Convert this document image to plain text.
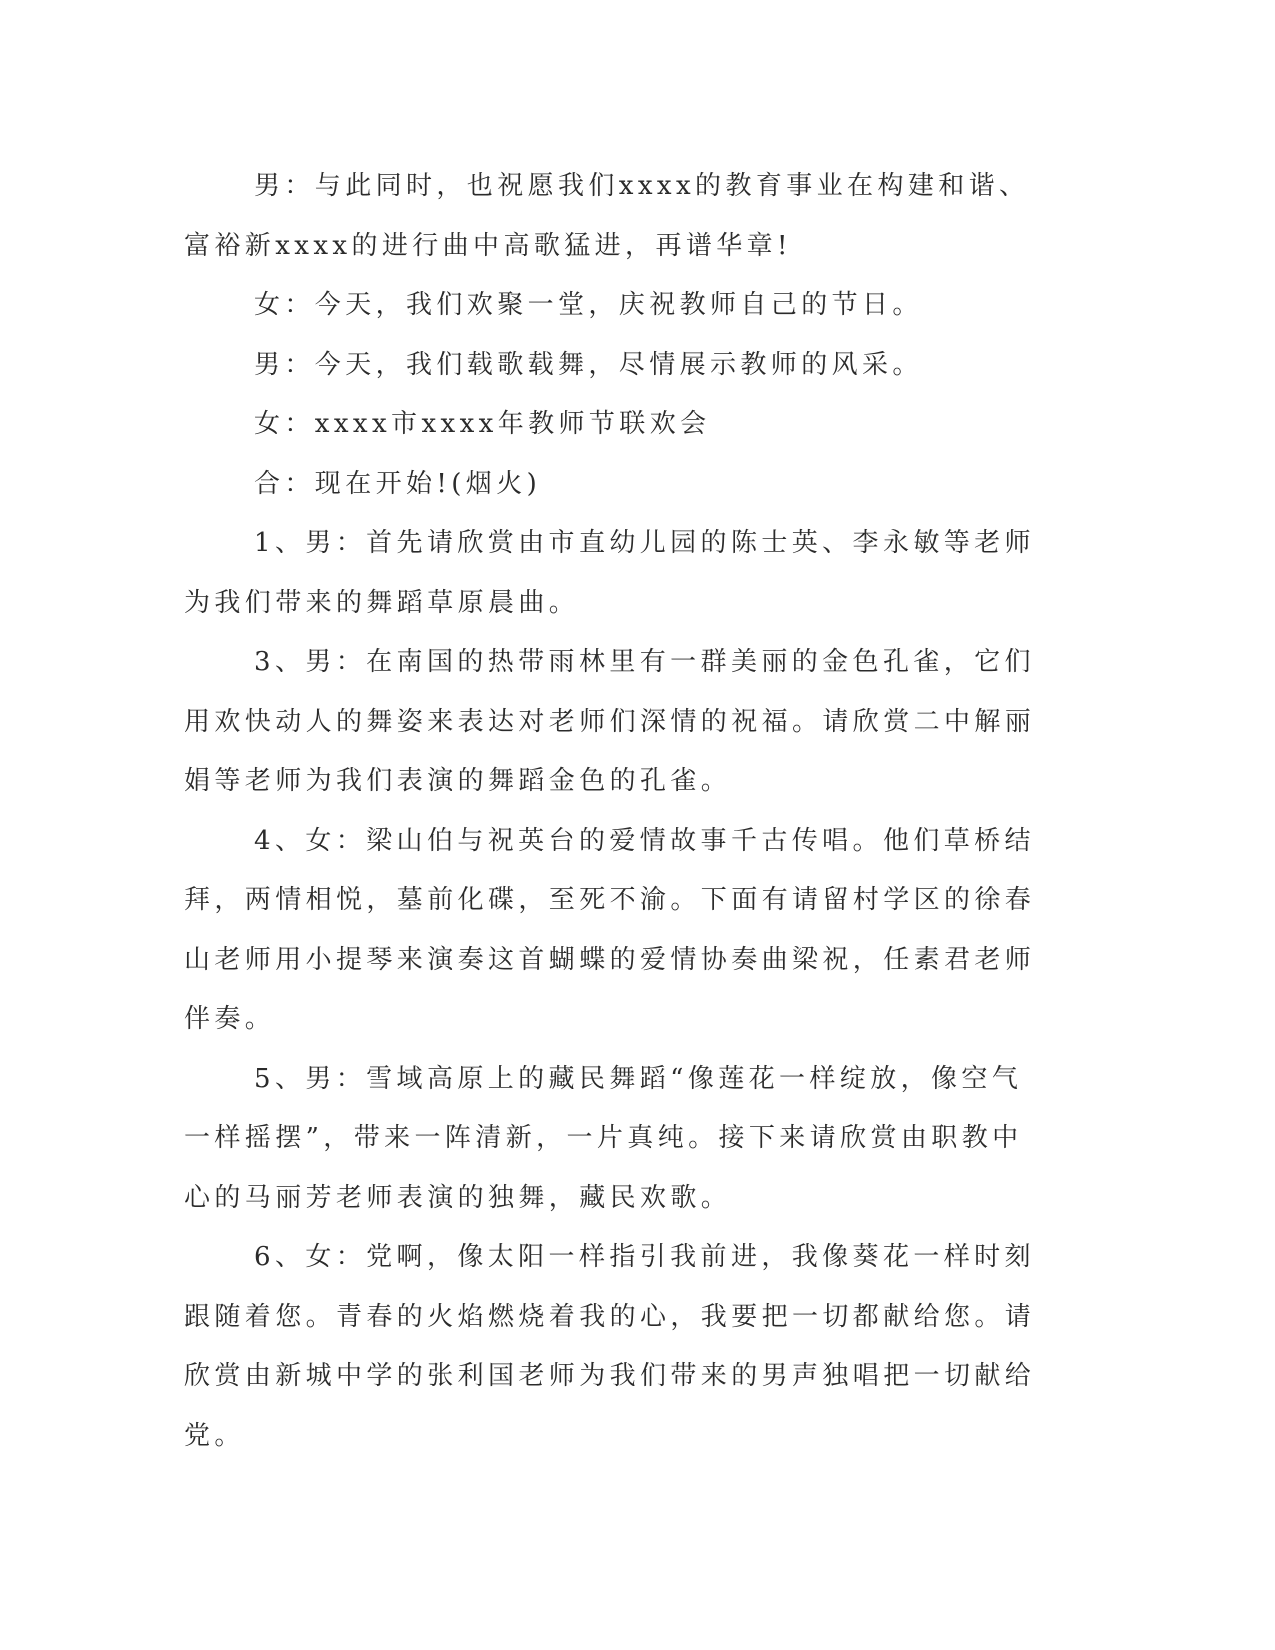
男：与此同时，也祝愿我们xxxx的教育事业在构建和谐、富裕新xxxx的进行曲中高歌猛进，再谱华章!

女：今天，我们欢聚一堂，庆祝教师自己的节日。

男：今天，我们载歌载舞，尽情展示教师的风采。

女：xxxx市xxxx年教师节联欢会

合：现在开始!(烟火)

1、男：首先请欣赏由市直幼儿园的陈士英、李永敏等老师为我们带来的舞蹈草原晨曲。

3、男：在南国的热带雨林里有一群美丽的金色孔雀，它们用欢快动人的舞姿来表达对老师们深情的祝福。请欣赏二中解丽娟等老师为我们表演的舞蹈金色的孔雀。

4、女：梁山伯与祝英台的爱情故事千古传唱。他们草桥结拜，两情相悦，墓前化碟，至死不渝。下面有请留村学区的徐春山老师用小提琴来演奏这首蝴蝶的爱情协奏曲梁祝，任素君老师伴奏。

5、男：雪域高原上的藏民舞蹈“像莲花一样绽放，像空气一样摇摆”，带来一阵清新，一片真纯。接下来请欣赏由职教中心的马丽芳老师表演的独舞，藏民欢歌。

6、女：党啊，像太阳一样指引我前进，我像葵花一样时刻跟随着您。青春的火焰燃烧着我的心，我要把一切都献给您。请欣赏由新城中学的张利国老师为我们带来的男声独唱把一切献给党。
